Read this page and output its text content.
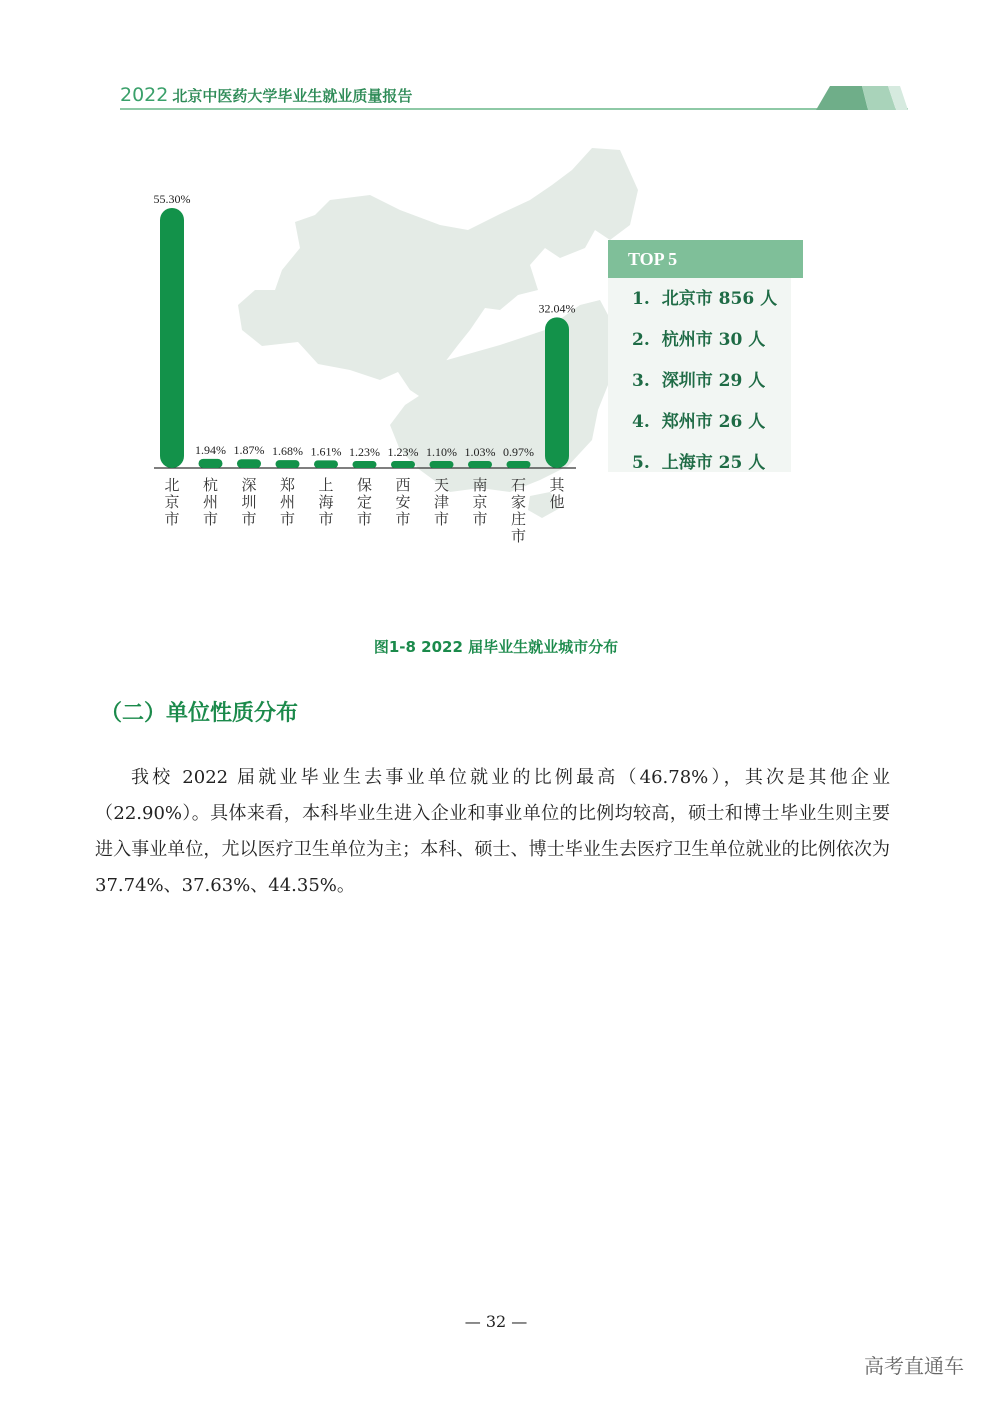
2022 北京中医药大学毕业生就业质量报告
55.30%
北
京
市
1.94%
杭
州
市
1.87%
深
圳
市
1.68%
郑
州
市
1.61%
上
海
市
1.23%
保
定
市
1.23%
西
安
市
1.10%
天
津
市
1.03%
南
京
市
0.97%
石
家
庄
市
32.04%
其
他
TOP 5
1. 北京市 856 人
2. 杭州市 30 人
3. 深圳市 29 人
4. 郑州市 26 人
5. 上海市 25 人
图1-8 2022 届毕业生就业城市分布
（二）单位性质分布
我校 2022 届就业毕业生去事业单位就业的比例最高（46.78%），其次是其他企业（22.90%）。具体来看，本科毕业生进入企业和事业单位的比例均较高，硕士和博士毕业生则主要进入事业单位，尤以医疗卫生单位为主；本科、硕士、博士毕业生去医疗卫生单位就业的比例依次为 37.74%、37.63%、44.35%。
— 32 —
高考直通车
